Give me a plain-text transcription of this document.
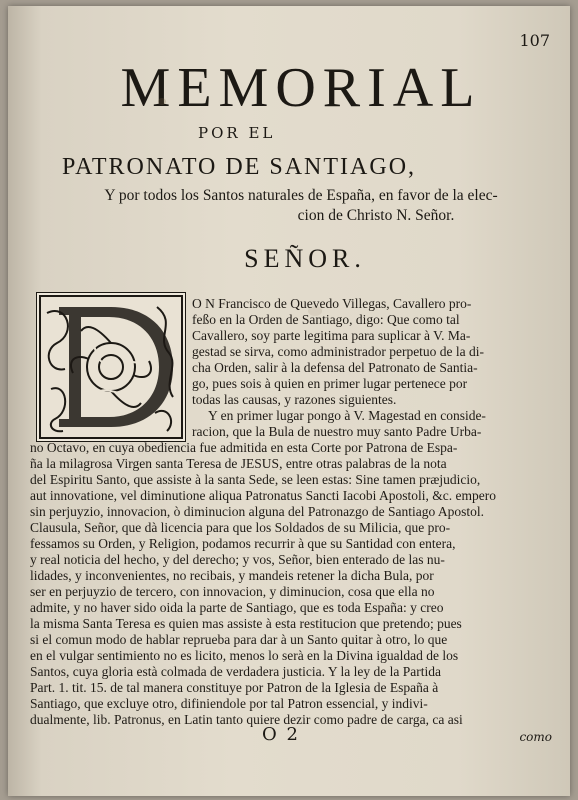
107
MEMORIAL
POR EL
PATRONATO DE SANTIAGO,
Y por todos los Santos naturales de España, en favor de la elec-
cion de Christo N. Señor.
SEÑOR.
O 2	como
O N Francisco de Quevedo Villegas, Cavallero pro-
feßo en la Orden de Santiago, digo: Que como tal
Cavallero, soy parte legitima para suplicar à V. Ma-
gestad se sirva, como administrador perpetuo de la di-
cha Orden, salir à la defensa del Patronato de Santia-
go, pues sois à quien en primer lugar pertenece por
todas las causas, y razones siguientes.
Y en primer lugar pongo à V. Magestad en conside-
racion, que la Bula de nuestro muy santo Padre Urba-
no Octavo, en cuya obediencia fue admitida en esta Corte por Patrona de Espa-
ña la milagrosa Virgen santa Teresa de JESUS, entre otras palabras de la nota
del Espiritu Santo, que assiste à la santa Sede, se leen estas: Sine tamen præjudicio,
aut innovatione, vel diminutione aliqua Patronatus Sancti Iacobi Apostoli, &c. empero
sin perjuyzio, innovacion, ò diminucion alguna del Patronazgo de Santiago Apostol.
Clausula, Señor, que dà licencia para que los Soldados de su Milicia, que pro-
fessamos su Orden, y Religion, podamos recurrir à que su Santidad con entera,
y real noticia del hecho, y del derecho; y vos, Señor, bien enterado de las nu-
lidades, y inconvenientes, no recibais, y mandeis retener la dicha Bula, por
ser en perjuyzio de tercero, con innovacion, y diminucion, cosa que ella no
admite, y no haver sido oida la parte de Santiago, que es toda España: y creo
la misma Santa Teresa es quien mas assiste à esta restitucion que pretendo; pues
si el comun modo de hablar reprueba para dar à un Santo quitar à otro, lo que
en el vulgar sentimiento no es licito, menos lo serà en la Divina igualdad de los
Santos, cuya gloria està colmada de verdadera justicia. Y la ley de la Partida
Part. 1. tit. 15. de tal manera constituye por Patron de la Iglesia de España à
Santiago, que excluye otro, difiniendole por tal Patron essencial, y indivi-
dualmente, lib. Patronus, en Latin tanto quiere dezir como padre de carga, ca asi
